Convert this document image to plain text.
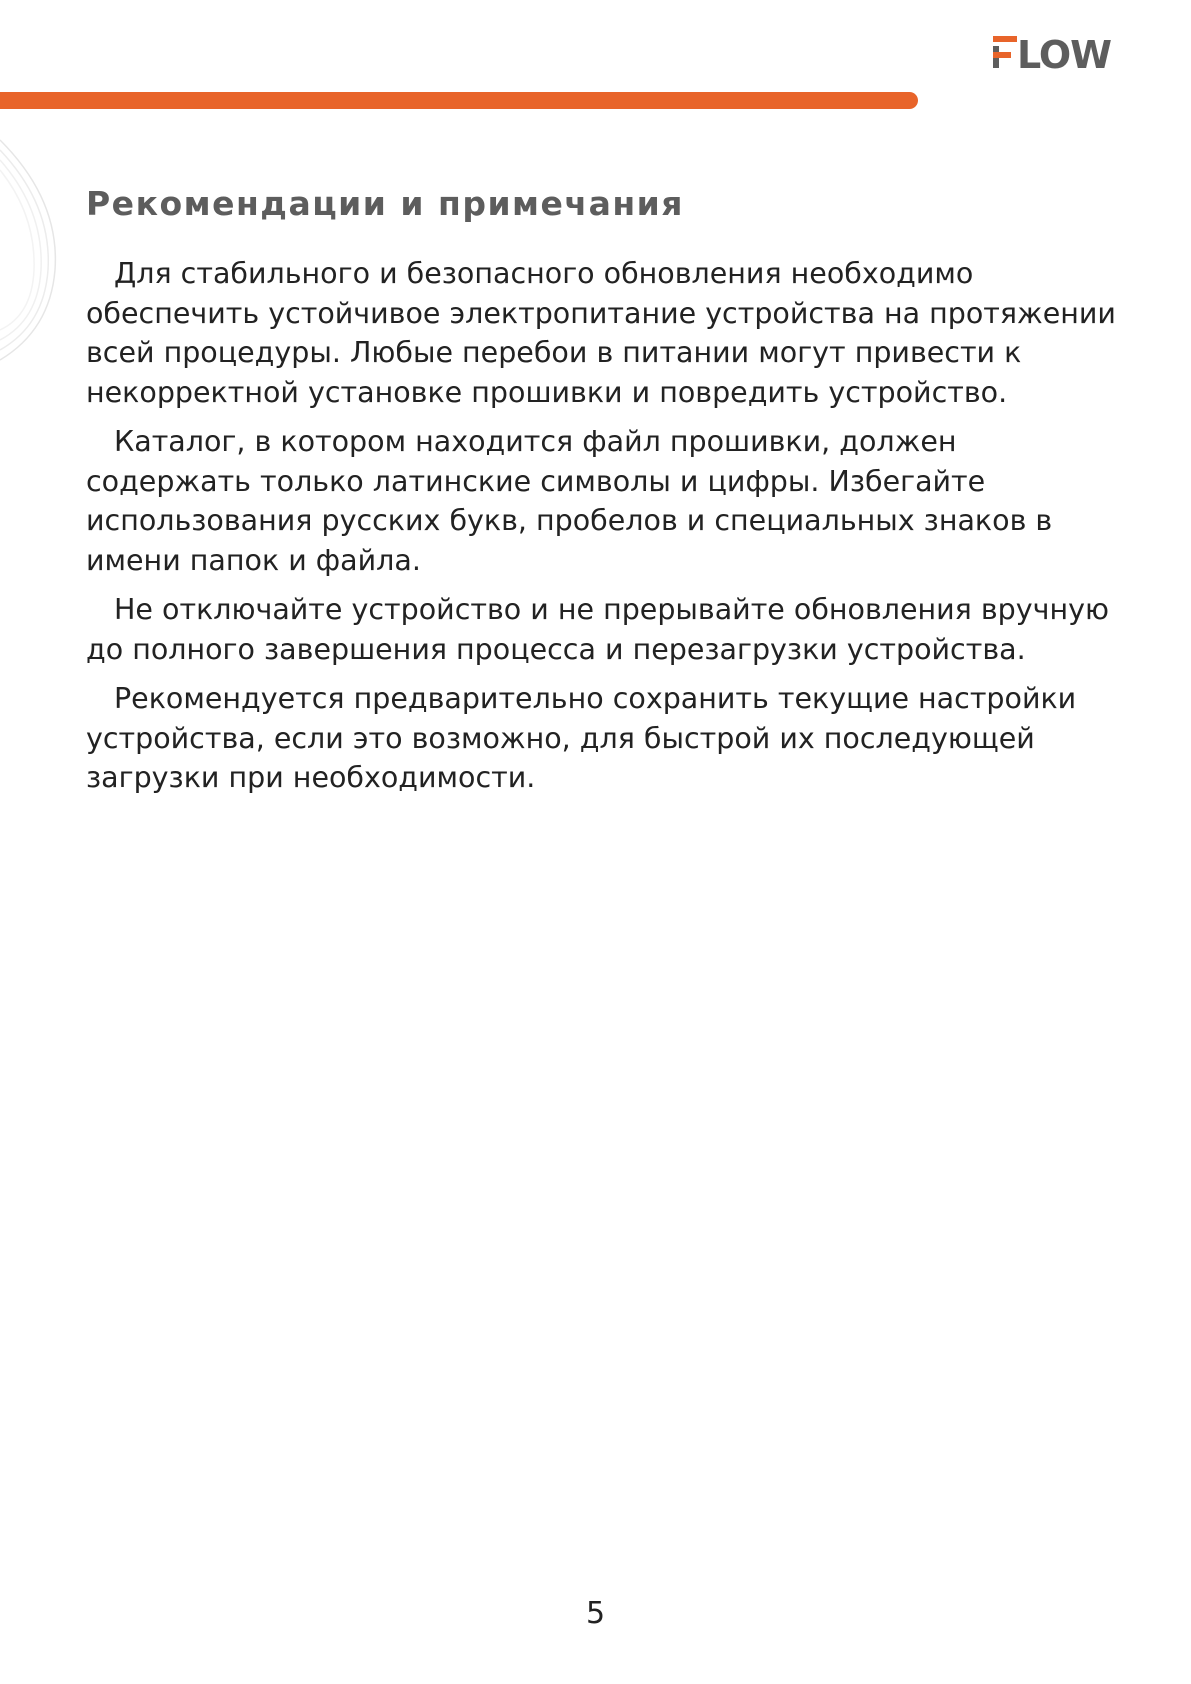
LOW
Рекомендации и примечания

Для стабильного и безопасного обновления необходимо обеспечить устойчивое электропитание устройства на протяжении всей процедуры. Любые перебои в питании могут привести к некорректной установке прошивки и повредить устройство.

Каталог, в котором находится файл прошивки, должен содержать только латинские символы и цифры. Избегайте использования русских букв, пробелов и специальных знаков в имени папок и файла.

Не отключайте устройство и не прерывайте обновления вручную до полного завершения процесса и перезагрузки устройства.

Рекомендуется предварительно сохранить текущие настройки устройства, если это возможно, для быстрой их последующей загрузки при необходимости.

5
